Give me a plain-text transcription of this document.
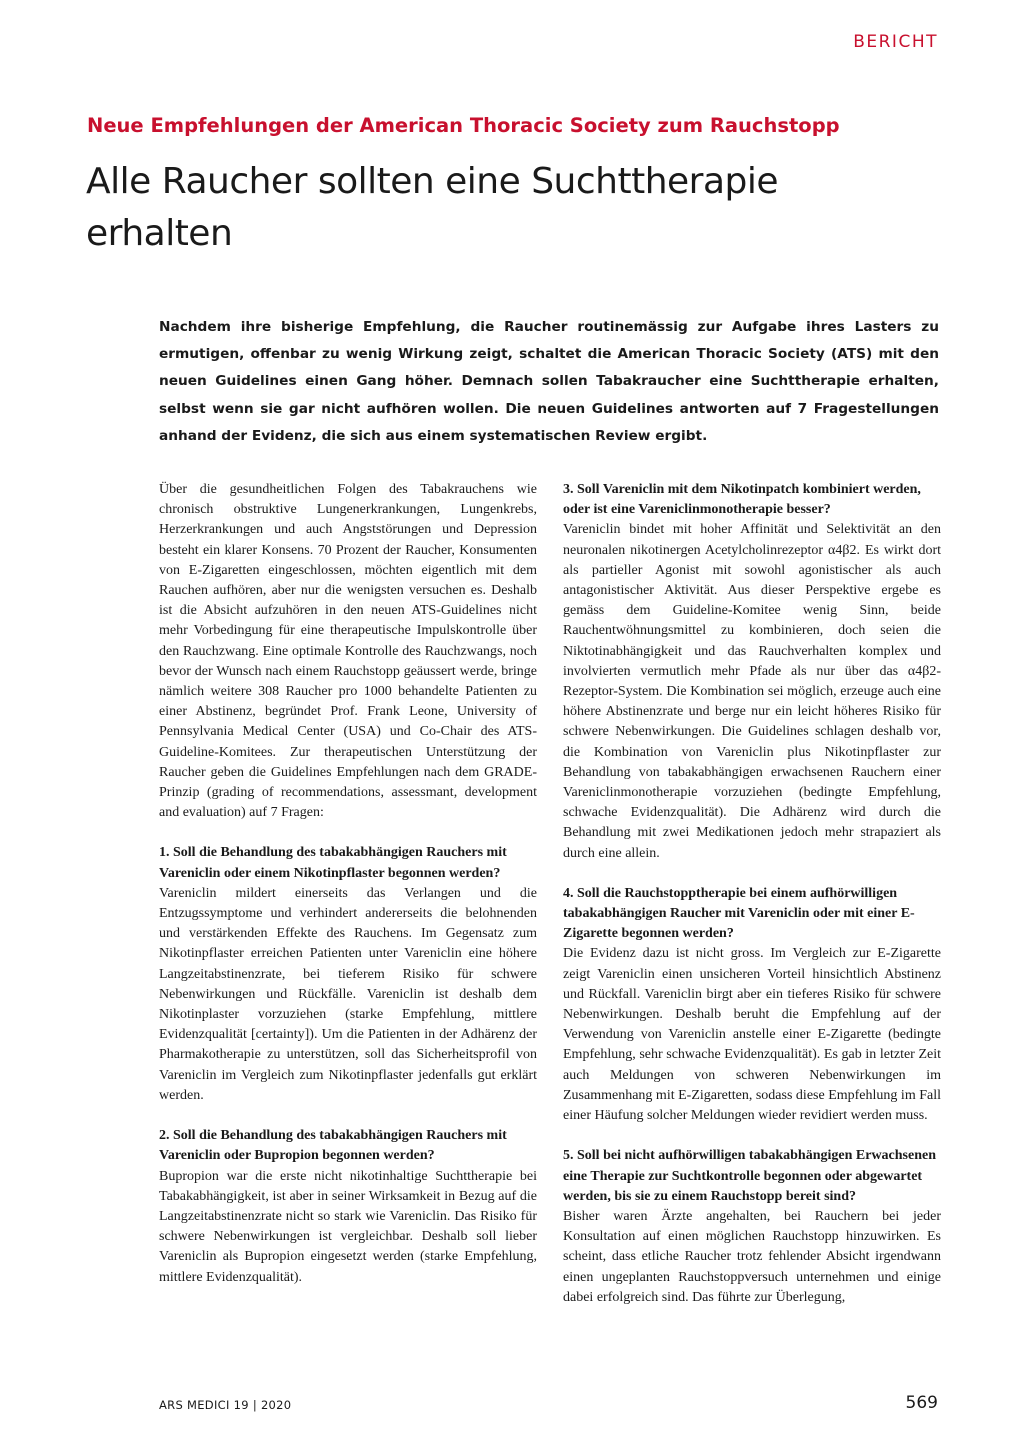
BERICHT
Neue Empfehlungen der American Thoracic Society zum Rauchstopp
Alle Raucher sollten eine Suchttherapie
erhalten

Nachdem ihre bisherige Empfehlung, die Raucher routinemässig zur Aufgabe ihres Lasters zu ermutigen, offenbar zu wenig Wirkung zeigt, schaltet die American Thoracic Society (ATS) mit den neuen Guidelines einen Gang höher. Demnach sollen Tabakraucher eine Suchttherapie erhalten, selbst wenn sie gar nicht aufhören wollen. Die neuen Guidelines antworten auf 7 Fragestellungen anhand der Evidenz, die sich aus einem systematischen Review ergibt.

Über die gesundheitlichen Folgen des Tabakrauchens wie chronisch obstruktive Lungenerkrankungen, Lungenkrebs, Herzerkrankungen und auch Angststörungen und Depression besteht ein klarer Konsens. 70 Prozent der Raucher, Konsumenten von E-Zigaretten eingeschlossen, möchten eigentlich mit dem Rauchen aufhören, aber nur die wenigsten versuchen es. Deshalb ist die Absicht aufzuhören in den neuen ATS-Guidelines nicht mehr Vorbedingung für eine therapeutische Impulskontrolle über den Rauchzwang. Eine optimale Kontrolle des Rauchzwangs, noch bevor der Wunsch nach einem Rauchstopp geäussert werde, bringe nämlich weitere 308 Raucher pro 1000 behandelte Patienten zu einer Abstinenz, begründet Prof. Frank Leone, University of Pennsylvania Medical Center (USA) und Co-Chair des ATS-Guideline-Komitees. Zur therapeutischen Unterstützung der Raucher geben die Guidelines Empfehlungen nach dem GRADE-Prinzip (grading of recommendations, assessmant, development and evaluation) auf 7 Fragen:

1. Soll die Behandlung des tabakabhängigen Rauchers mit Vareniclin oder einem Nikotinpflaster begonnen werden?

Vareniclin mildert einerseits das Verlangen und die Entzugssymptome und verhindert andererseits die belohnenden und verstärkenden Effekte des Rauchens. Im Gegensatz zum Nikotinpflaster erreichen Patienten unter Vareniclin eine höhere Langzeitabstinenzrate, bei tieferem Risiko für schwere Nebenwirkungen und Rückfälle. Vareniclin ist deshalb dem Nikotinplaster vorzuziehen (starke Empfehlung, mittlere Evidenzqualität [certainty]). Um die Patienten in der Adhärenz der Pharmakotherapie zu unterstützen, soll das Sicherheitsprofil von Vareniclin im Vergleich zum Nikotinpflaster jedenfalls gut erklärt werden.

2. Soll die Behandlung des tabakabhängigen Rauchers mit Vareniclin oder Bupropion begonnen werden?

Bupropion war die erste nicht nikotinhaltige Suchttherapie bei Tabakabhängigkeit, ist aber in seiner Wirksamkeit in Bezug auf die Langzeitabstinenzrate nicht so stark wie Vareniclin. Das Risiko für schwere Nebenwirkungen ist vergleichbar. Deshalb soll lieber Vareniclin als Bupropion eingesetzt werden (starke Empfehlung, mittlere Evidenzqualität).

3. Soll Vareniclin mit dem Nikotinpatch kombiniert werden, oder ist eine Vareniclinmonotherapie besser?

Vareniclin bindet mit hoher Affinität und Selektivität an den neuronalen nikotinergen Acetylcholinrezeptor α4β2. Es wirkt dort als partieller Agonist mit sowohl agonistischer als auch antagonistischer Aktivität. Aus dieser Perspektive ergebe es gemäss dem Guideline-Komitee wenig Sinn, beide Rauchentwöhnungsmittel zu kombinieren, doch seien die Niktotinabhängigkeit und das Rauchverhalten komplex und involvierten vermutlich mehr Pfade als nur über das α4β2-Rezeptor-System. Die Kombination sei möglich, erzeuge auch eine höhere Abstinenzrate und berge nur ein leicht höheres Risiko für schwere Nebenwirkungen. Die Guidelines schlagen deshalb vor, die Kombination von Vareniclin plus Nikotinpflaster zur Behandlung von tabakabhängigen erwachsenen Rauchern einer Vareniclinmonotherapie vorzuziehen (bedingte Empfehlung, schwache Evidenzqualität). Die Adhärenz wird durch die Behandlung mit zwei Medikationen jedoch mehr strapaziert als durch eine allein.

4. Soll die Rauchstopptherapie bei einem aufhörwilligen tabakabhängigen Raucher mit Vareniclin oder mit einer E-Zigarette begonnen werden?

Die Evidenz dazu ist nicht gross. Im Vergleich zur E-Zigarette zeigt Vareniclin einen unsicheren Vorteil hinsichtlich Abstinenz und Rückfall. Vareniclin birgt aber ein tieferes Risiko für schwere Nebenwirkungen. Deshalb beruht die Empfehlung auf der Verwendung von Vareniclin anstelle einer E-Zigarette (bedingte Empfehlung, sehr schwache Evidenzqualität). Es gab in letzter Zeit auch Meldungen von schweren Nebenwirkungen im Zusammenhang mit E-Zigaretten, sodass diese Empfehlung im Fall einer Häufung solcher Meldungen wieder revidiert werden muss.

5. Soll bei nicht aufhörwilligen tabakabhängigen Erwachsenen eine Therapie zur Suchtkontrolle begonnen oder abgewartet werden, bis sie zu einem Rauchstopp bereit sind?

Bisher waren Ärzte angehalten, bei Rauchern bei jeder Konsultation auf einen möglichen Rauchstopp hinzuwirken. Es scheint, dass etliche Raucher trotz fehlender Absicht irgendwann einen ungeplanten Rauchstoppversuch unternehmen und einige dabei erfolgreich sind. Das führte zur Überlegung,

ARS MEDICI 19 | 2020	569
